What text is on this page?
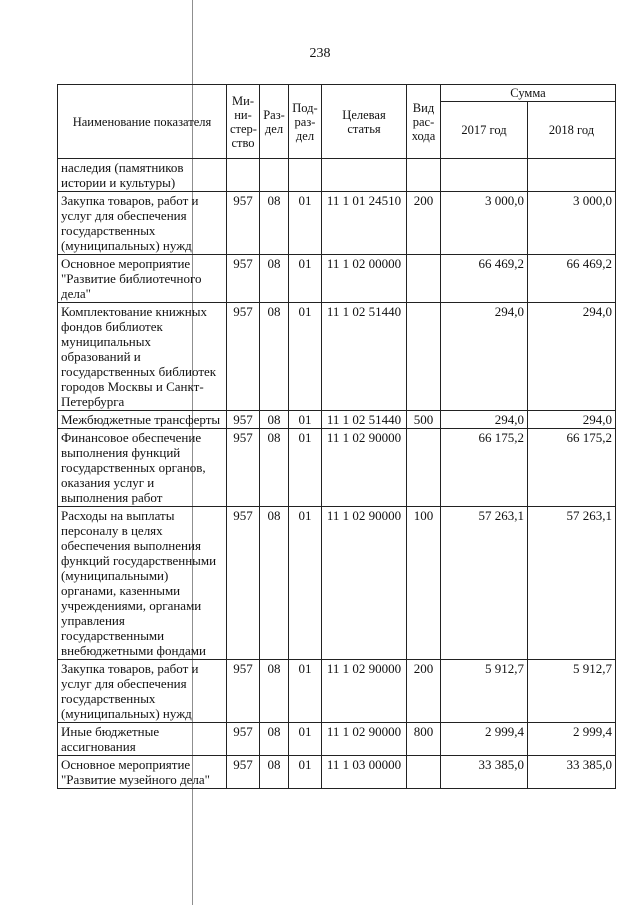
238
Наименование показателя	Ми-
ни-
стер-
ство	Раз-
дел	Под-
раз-
дел	Целевая
статья	Вид
рас-
хода	Сумма	
						2017 год	2018 год
наследия (памятников истории и культуры)							
Закупка товаров, работ и услуг для обеспечения государственных (муниципальных) нужд	957	08	01	11 1 01 24510	200	3 000,0	3 000,0
Основное мероприятие "Развитие библиотечного дела"	957	08	01	11 1 02 00000		66 469,2	66 469,2
Комплектование книжных фондов библиотек муниципальных образований и государственных библиотек городов Москвы и Санкт-Петербурга	957	08	01	11 1 02 51440		294,0	294,0
Межбюджетные трансферты	957	08	01	11 1 02 51440	500	294,0	294,0
Финансовое обеспечение выполнения функций государственных органов, оказания услуг и выполнения работ	957	08	01	11 1 02 90000		66 175,2	66 175,2
Расходы на выплаты персоналу в целях обеспечения выполнения функций государственными (муниципальными) органами, казенными учреждениями, органами управления государственными внебюджетными фондами	957	08	01	11 1 02 90000	100	57 263,1	57 263,1
Закупка товаров, работ и услуг для обеспечения государственных (муниципальных) нужд	957	08	01	11 1 02 90000	200	5 912,7	5 912,7
Иные бюджетные ассигнования	957	08	01	11 1 02 90000	800	2 999,4	2 999,4
Основное мероприятие "Развитие музейного дела"	957	08	01	11 1 03 00000		33 385,0	33 385,0
